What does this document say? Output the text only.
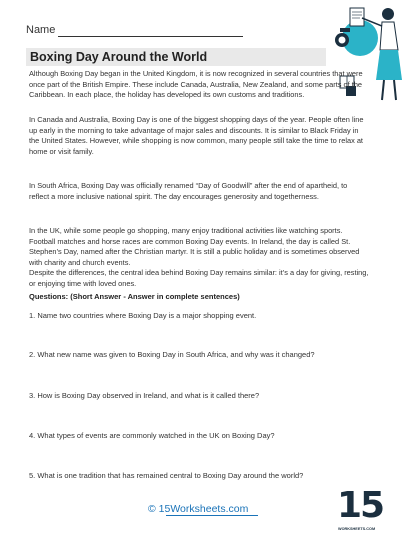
Name
Boxing Day Around the World

Although Boxing Day began in the United Kingdom, it is now recognized in several countries that were once part of the British Empire. These include Canada, Australia, New Zealand, and some parts of the Caribbean. In each place, the holiday has developed its own customs and traditions.

In Canada and Australia, Boxing Day is one of the biggest shopping days of the year. People often line up early in the morning to take advantage of major sales and discounts. It is similar to Black Friday in the United States. However, while shopping is now common, many people still take the time to relax at home or visit family.

In South Africa, Boxing Day was officially renamed “Day of Goodwill” after the end of apartheid, to reflect a more inclusive national spirit. The day encourages generosity and togetherness.

In the UK, while some people go shopping, many enjoy traditional activities like watching sports. Football matches and horse races are common Boxing Day events. In Ireland, the day is called St. Stephen’s Day, named after the Christian martyr. It is still a public holiday and is sometimes observed with charity and church events.

Despite the differences, the central idea behind Boxing Day remains similar: it’s a day for giving, resting, or enjoying time with loved ones.

Questions: (Short Answer - Answer in complete sentences)
1. Name two countries where Boxing Day is a major shopping event.
2. What new name was given to Boxing Day in South Africa, and why was it changed?
3. How is Boxing Day observed in Ireland, and what is it called there?
4. What types of events are commonly watched in the UK on Boxing Day?
5. What is one tradition that has remained central to Boxing Day around the world?
© 15Worksheets.com 15
WORKSHEETS.COM
